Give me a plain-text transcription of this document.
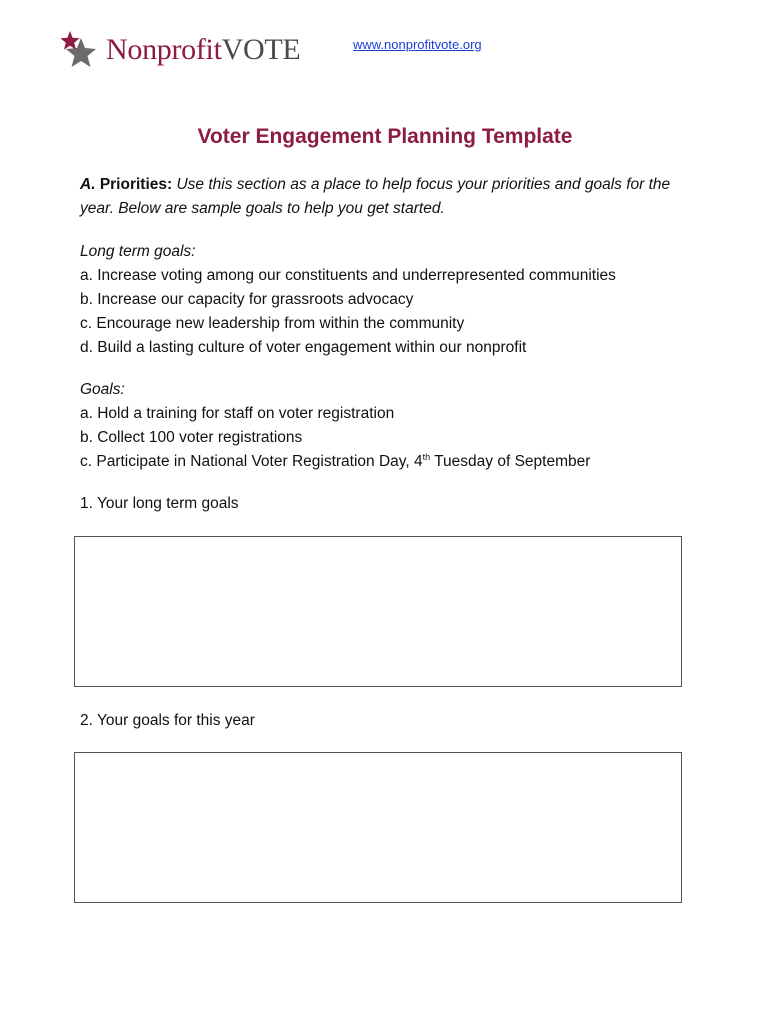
NonprofitVOTE	www.nonprofitvote.org
Voter Engagement Planning Template

A. Priorities: Use this section as a place to help focus your priorities and goals for the year. Below are sample goals to help you get started.

Long term goals:

a. Increase voting among our constituents and underrepresented communities

b. Increase our capacity for grassroots advocacy

c. Encourage new leadership from within the community

d. Build a lasting culture of voter engagement within our nonprofit

Goals:

a. Hold a training for staff on voter registration

b. Collect 100 voter registrations

c. Participate in National Voter Registration Day, 4th Tuesday of September

1. Your long term goals
2. Your goals for this year
